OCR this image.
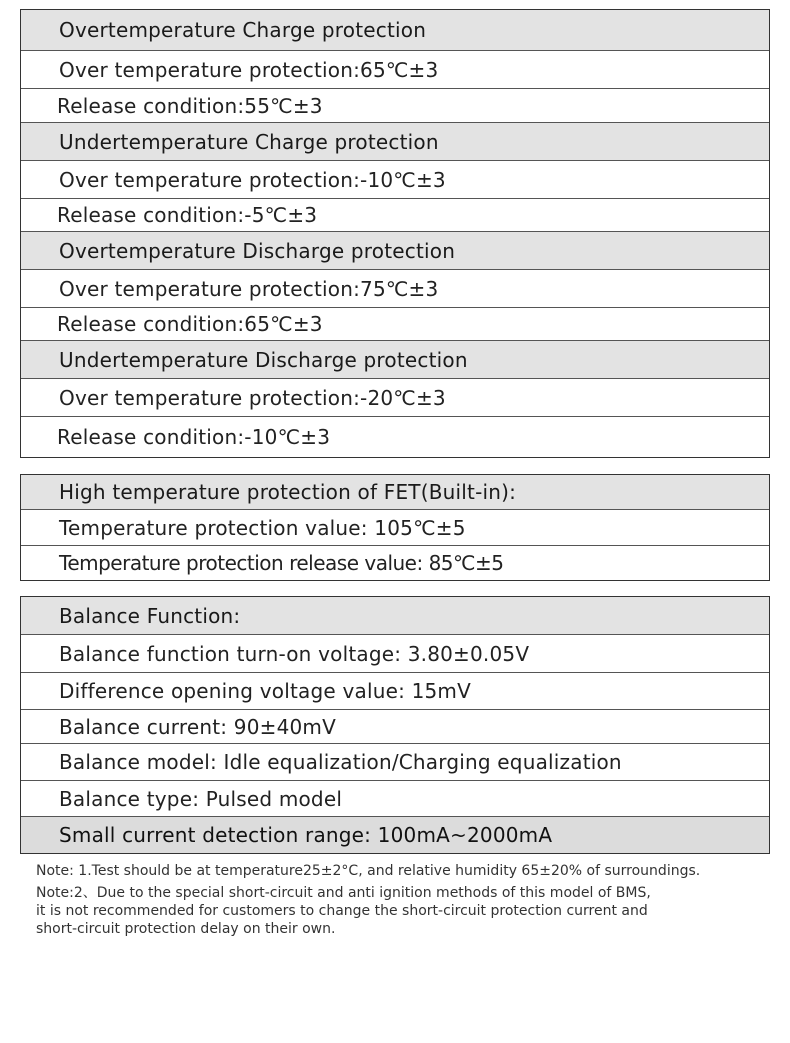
Overtemperature Charge protection
Over temperature protection:65℃±3
Release condition:55℃±3
Undertemperature Charge protection
Over temperature protection:-10℃±3
Release condition:-5℃±3
Overtemperature Discharge protection
Over temperature protection:75℃±3
Release condition:65℃±3
Undertemperature Discharge protection
Over temperature protection:-20℃±3
Release condition:-10℃±3
High temperature protection of FET(Built-in):
Temperature protection value: 105℃±5
Temperature protection release value: 85℃±5
Balance Function:
Balance function turn-on voltage: 3.80±0.05V
Difference opening voltage value: 15mV
Balance current: 90±40mV
Balance model: Idle equalization/Charging equalization
Balance type: Pulsed model
Small current detection range: 100mA~2000mA
Note: 1.Test should be at temperature25±2°C, and relative humidity 65±20% of surroundings.
Note:2、Due to the special short-circuit and anti ignition methods of this model of BMS,
it is not recommended for customers to change the short-circuit protection current and
short-circuit protection delay on their own.
